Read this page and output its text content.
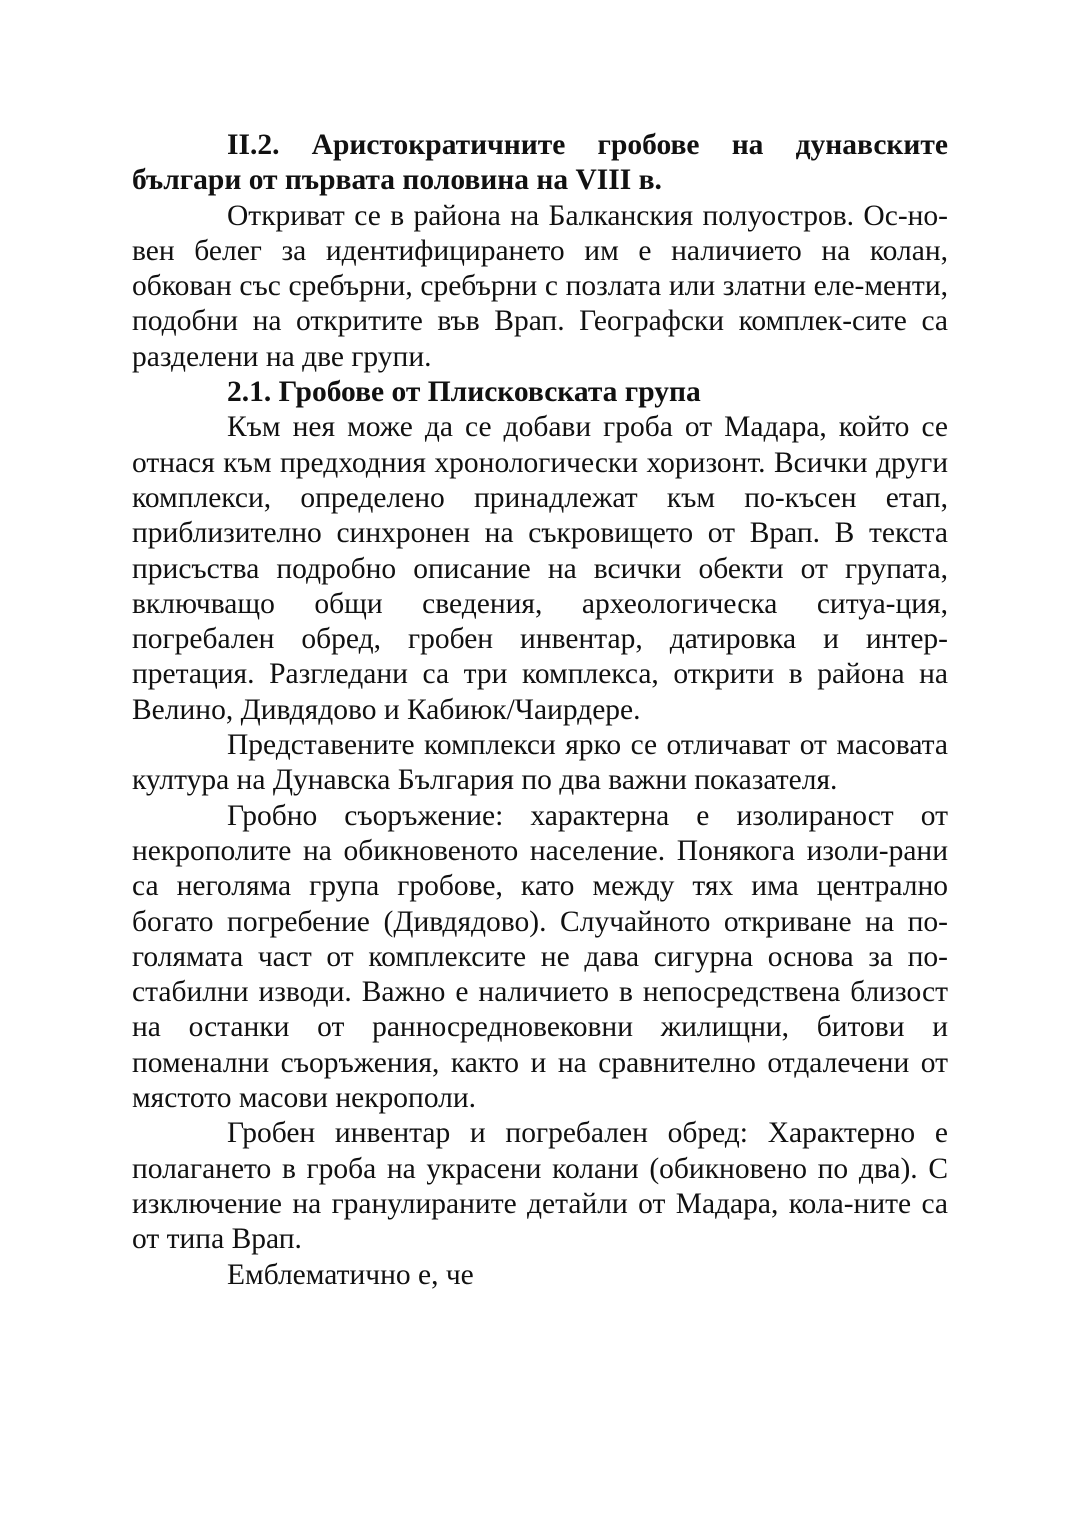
II.2. Аристократичните гробове на дунавските българи от първата половина на VIII в.

Откриват се в района на Балканския полуостров. Ос-но-вен белег за идентифицирането им е наличието на колан, обкован със сребърни, сребърни с позлата или златни еле-менти, подобни на откритите във Врап. Географски комплек-сите са разделени на две групи.

2.1. Гробове от Плисковската група

Към нея може да се добави гроба от Мадара, който се отнася към предходния хронологически хоризонт. Всички други комплекси, определено принадлежат към по-късен етап, приблизително синхронен на съкровището от Врап. В текста присъства подробно описание на всички обекти от групата, включващо общи сведения, археологическа ситуа-ция, погребален обред, гробен инвентар, датировка и интер-претация. Разгледани са три комплекса, открити в района на Велино, Дивдядово и Кабиюк/Чаирдере.

Представените комплекси ярко се отличават от масовата култура на Дунавска България по два важни показателя.

Гробно съоръжение: характерна е изолираност от некрополите на обикновеното население. Понякога изоли-рани са неголяма група гробове, като между тях има централно богато погребение (Дивдядово). Случайното откриване на по-голямата част от комплексите не дава сигурна основа за по-стабилни изводи. Важно е наличието в непосредствена близост на останки от ранносредновековни жилищни, битови и поменални съоръжения, както и на сравнително отдалечени от мястото масови некрополи.

Гробен инвентар и погребален обред: Характерно е полагането в гроба на украсени колани (обикновено по два). С изключение на гранулираните детайли от Мадара, кола-ните са от типа Врап.

Емблематично е, че
